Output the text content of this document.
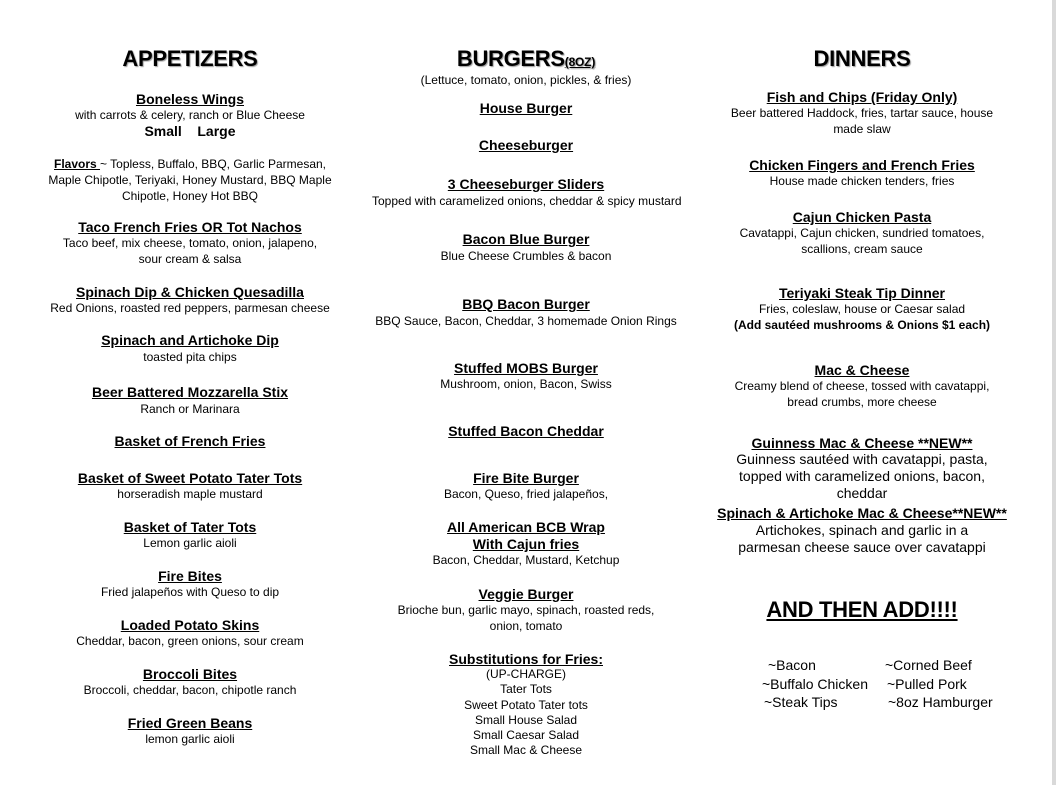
APPETIZERS
Boneless Wings
with carrots & celery, ranch or Blue Cheese
Small    Large
Flavors ~ Topless, Buffalo, BBQ, Garlic Parmesan, Maple Chipotle, Teriyaki, Honey Mustard, BBQ Maple Chipotle, Honey Hot BBQ
Taco French Fries OR Tot Nachos
Taco beef, mix cheese, tomato, onion, jalapeno, sour cream & salsa
Spinach Dip & Chicken Quesadilla
Red Onions, roasted red peppers, parmesan cheese
Spinach and Artichoke Dip
toasted pita chips
Beer Battered Mozzarella Stix
Ranch or Marinara
Basket of French Fries
Basket of Sweet Potato Tater Tots
horseradish maple mustard
Basket of Tater Tots
Lemon garlic aioli
Fire Bites
Fried jalapeños with Queso to dip
Loaded Potato Skins
Cheddar, bacon, green onions, sour cream
Broccoli Bites
Broccoli, cheddar, bacon, chipotle ranch
Fried Green Beans
lemon garlic aioli
BURGERS(8OZ)
(Lettuce, tomato, onion, pickles, & fries)
House Burger
Cheeseburger
3 Cheeseburger Sliders
Topped with caramelized onions, cheddar & spicy mustard
Bacon Blue Burger
Blue Cheese Crumbles & bacon
BBQ Bacon Burger
BBQ Sauce, Bacon, Cheddar, 3 homemade Onion Rings
Stuffed MOBS Burger
Mushroom, onion, Bacon, Swiss
Stuffed Bacon Cheddar
Fire Bite Burger
Bacon, Queso, fried jalapeños,
All American BCB Wrap
With Cajun fries
Bacon, Cheddar, Mustard, Ketchup
Veggie Burger
Brioche bun, garlic mayo, spinach, roasted reds, onion, tomato
Substitutions for Fries:
(UP-CHARGE)
Tater Tots
Sweet Potato Tater tots
Small House Salad
Small Caesar Salad
Small Mac & Cheese
DINNERS
Fish and Chips (Friday Only)
Beer battered Haddock, fries, tartar sauce, house made slaw
Chicken Fingers and French Fries
House made chicken tenders, fries
Cajun Chicken Pasta
Cavatappi, Cajun chicken, sundried tomatoes, scallions, cream sauce
Teriyaki Steak Tip Dinner
Fries, coleslaw, house or Caesar salad
(Add sautéed mushrooms & Onions $1 each)
Mac & Cheese
Creamy blend of cheese, tossed with cavatappi, bread crumbs, more cheese
Guinness Mac & Cheese **NEW**
Guinness sautéed with cavatappi, pasta, topped with caramelized onions, bacon, cheddar
Spinach & Artichoke Mac & Cheese**NEW**
Artichokes, spinach and garlic in a parmesan cheese sauce over cavatappi
AND THEN ADD!!!!
~Bacon
~Buffalo Chicken
~Steak Tips
~Corned Beef
~Pulled Pork
~8oz Hamburger
